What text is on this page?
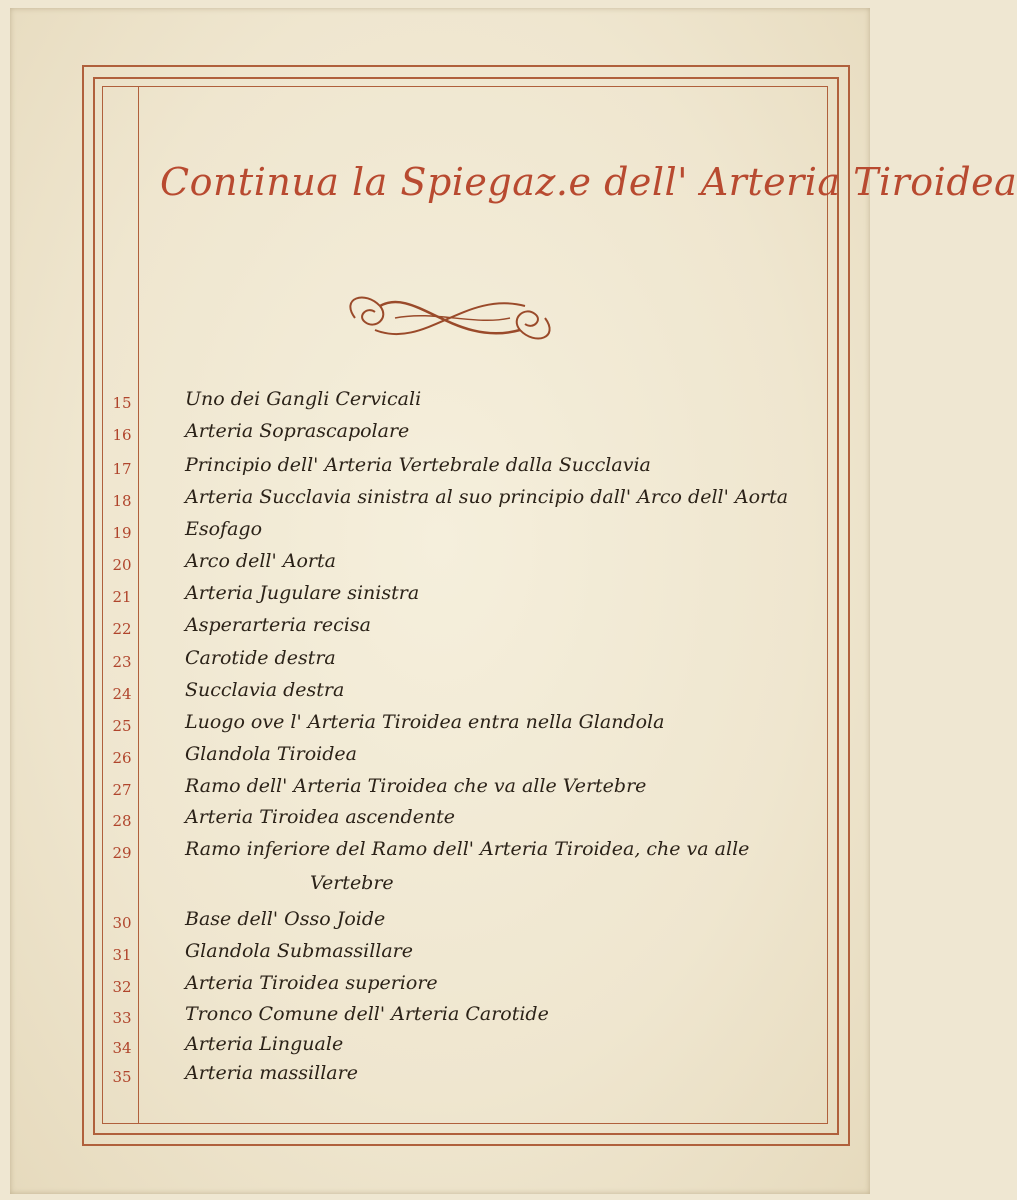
Continua la Spiegaz.e dell' Arteria Tiroidea
15	Uno dei Gangli Cervicali
16	Arteria Soprascapolare
17	Principio dell' Arteria Vertebrale dalla Succlavia
18	Arteria Succlavia sinistra al suo principio dall' Arco dell' Aorta
19	Esofago
20	Arco dell' Aorta
21	Arteria Jugulare sinistra
22	Asperarteria recisa
23	Carotide destra
24	Succlavia destra
25	Luogo ove l' Arteria Tiroidea entra nella Glandola
26	Glandola Tiroidea
27	Ramo dell' Arteria Tiroidea che va alle Vertebre
28	Arteria Tiroidea ascendente
29	Ramo inferiore del Ramo dell' Arteria Tiroidea, che va alle
Vertebre
30	Base dell' Osso Joide
31	Glandola Submassillare
32	Arteria Tiroidea superiore
33	Tronco Comune dell' Arteria Carotide
34	Arteria Linguale
35	Arteria massillare
